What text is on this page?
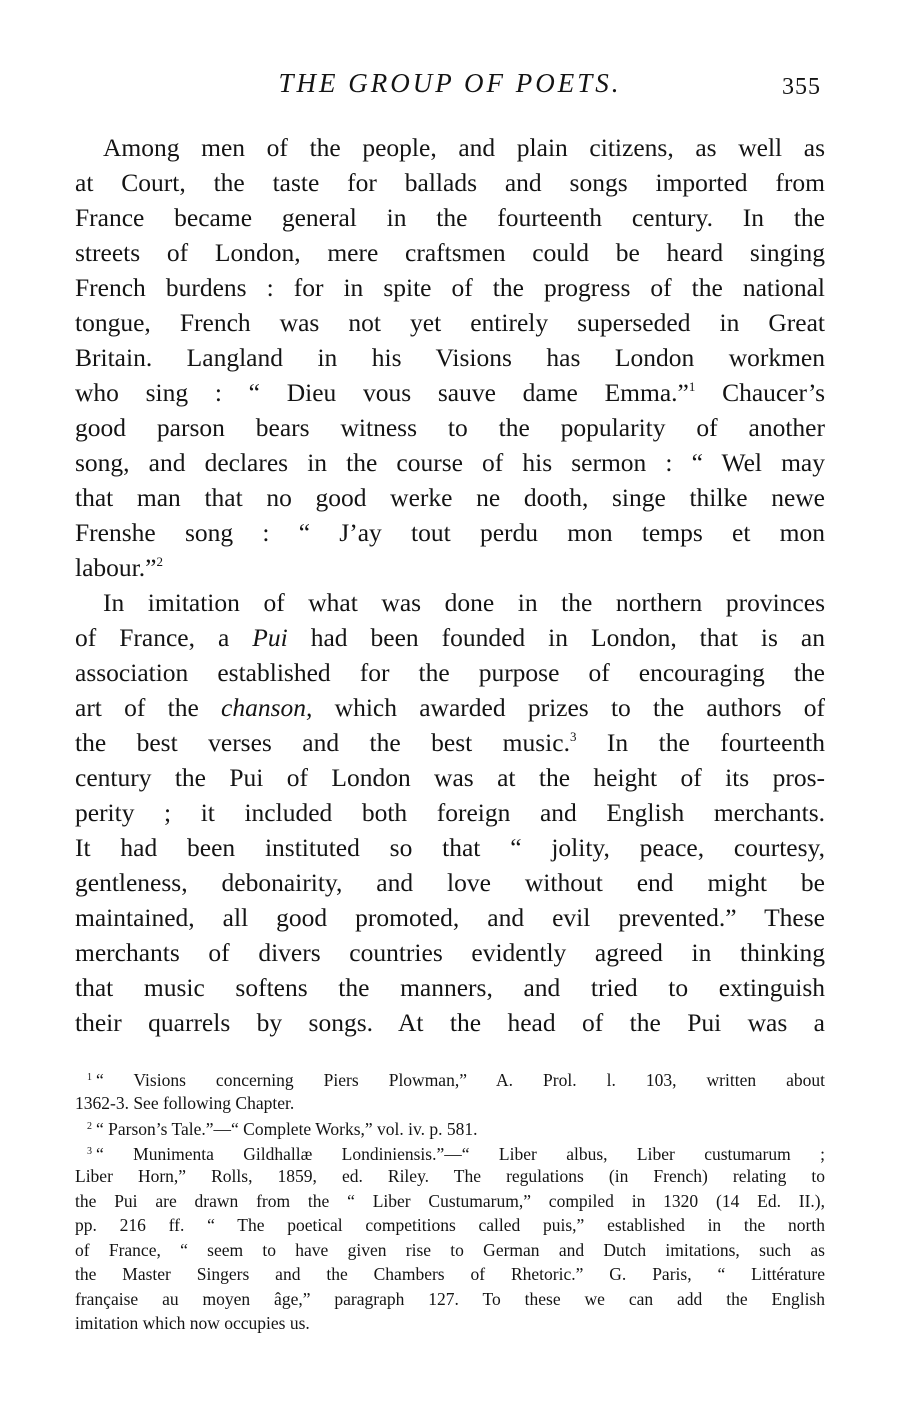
THE GROUP OF POETS.	355
Among men of the people, and plain citizens, as well as
at Court, the taste for ballads and songs imported from
France became general in the fourteenth century. In the
streets of London, mere craftsmen could be heard singing
French burdens : for in spite of the progress of the national
tongue, French was not yet entirely superseded in Great
Britain. Langland in his Visions has London workmen
who sing : “ Dieu vous sauve dame Emma.”$^1$ Chaucer’s
good parson bears witness to the popularity of another
song, and declares in the course of his sermon : “ Wel may
that man that no good werke ne dooth, singe thilke newe
Frenshe song : “ J’ay tout perdu mon temps et mon
labour.”$^2$
In imitation of what was done in the northern provinces
of France, a Pui had been founded in London, that is an
association established for the purpose of encouraging the
art of the chanson, which awarded prizes to the authors of
the best verses and the best music.$^3$ In the fourteenth
century the Pui of London was at the height of its pros-
perity ; it included both foreign and English merchants.
It had been instituted so that “ jolity, peace, courtesy,
gentleness, debonairity, and love without end might be
maintained, all good promoted, and evil prevented.” These
merchants of divers countries evidently agreed in thinking
that music softens the manners, and tried to extinguish
their quarrels by songs. At the head of the Pui was a
$^1$ “ Visions concerning Piers Plowman,” A. Prol. l. 103, written about
1362-3. See following Chapter.
$^2$ “ Parson’s Tale.”—“ Complete Works,” vol. iv. p. 581.
$^3$ “ Munimenta Gildhallæ Londiniensis.”—“ Liber albus, Liber custumarum ;
Liber Horn,” Rolls, 1859, ed. Riley. The regulations (in French) relating to
the Pui are drawn from the “ Liber Custumarum,” compiled in 1320 (14 Ed. II.),
pp. 216 ff. “ The poetical competitions called puis,” established in the north
of France, “ seem to have given rise to German and Dutch imitations, such as
the Master Singers and the Chambers of Rhetoric.” G. Paris, “ Littérature
française au moyen âge,” paragraph 127. To these we can add the English
imitation which now occupies us.
